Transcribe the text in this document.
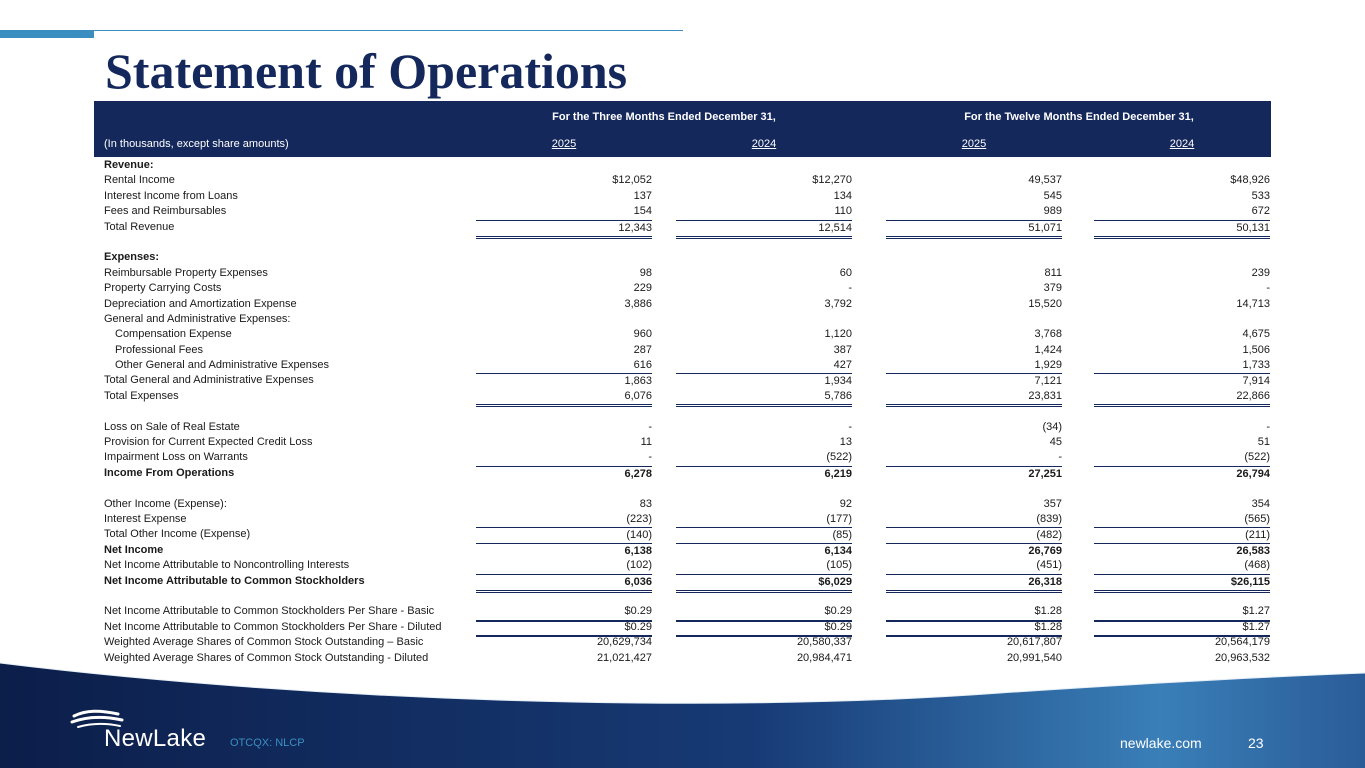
Statement of Operations
For the Three Months Ended December 31,	For the Twelve Months Ended December 31,
(In thousands, except share amounts)	2025	2024	2025	2024
Revenue:
Rental Income	$12,052	$12,270	49,537	$48,926
Interest Income from Loans	137	134	545	533
Fees and Reimbursables	154	110	989	672
Total Revenue	12,343	12,514	51,071	50,131
Expenses:
Reimbursable Property Expenses	98	60	811	239
Property Carrying Costs	229	-	379	-
Depreciation and Amortization Expense	3,886	3,792	15,520	14,713
General and Administrative Expenses:
Compensation Expense	960	1,120	3,768	4,675
Professional Fees	287	387	1,424	1,506
Other General and Administrative Expenses	616	427	1,929	1,733
Total General and Administrative Expenses	1,863	1,934	7,121	7,914
Total Expenses	6,076	5,786	23,831	22,866
Loss on Sale of Real Estate	-	-	(34)	-
Provision for Current Expected Credit Loss	11	13	45	51
Impairment Loss on Warrants	-	(522)	-	(522)
Income From Operations	6,278	6,219	27,251	26,794
Other Income (Expense):	83	92	357	354
Interest Expense	(223)	(177)	(839)	(565)
Total Other Income (Expense)	(140)	(85)	(482)	(211)
Net Income	6,138	6,134	26,769	26,583
Net Income Attributable to Noncontrolling Interests	(102)	(105)	(451)	(468)
Net Income Attributable to Common Stockholders	6,036	$6,029	26,318	$26,115
Net Income Attributable to Common Stockholders Per Share - Basic	$0.29	$0.29	$1.28	$1.27
Net Income Attributable to Common Stockholders Per Share - Diluted	$0.29	$0.29	$1.28	$1.27
Weighted Average Shares of Common Stock Outstanding – Basic	20,629,734	20,580,337	20,617,807	20,564,179
Weighted Average Shares of Common Stock Outstanding - Diluted	21,021,427	20,984,471	20,991,540	20,963,532
NewLake OTCQX: NLCP	newlake.com	23
